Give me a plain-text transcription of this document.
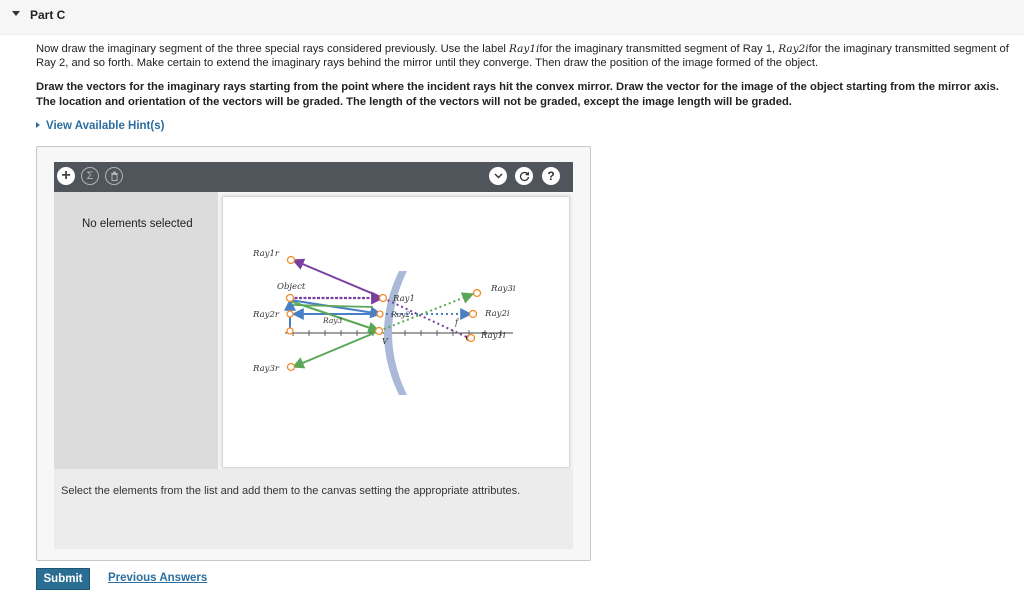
Part C
Now draw the imaginary segment of the three special rays considered previously. Use the label Ray1ifor the imaginary transmitted segment of Ray 1, Ray2ifor the imaginary transmitted segment of Ray 2, and so forth. Make certain to extend the imaginary rays behind the mirror until they converge. Then draw the position of the image formed of the object.
Draw the vectors for the imaginary rays starting from the point where the incident rays hit the convex mirror. Draw the vector for the image of the object starting from the mirror axis. The location and orientation of the vectors will be graded. The length of the vectors will not be graded, except the image length will be graded.
View Available Hint(s)
+	Σ	?
No elements selected
Ray1r
Object
Ray2r
Ray3r
Ray1
Ray2
Ray3
Ray3i
Ray2i
Ray1i
V
f
Select the elements from the list and add them to the canvas setting the appropriate attributes.
Submit	Previous Answers
